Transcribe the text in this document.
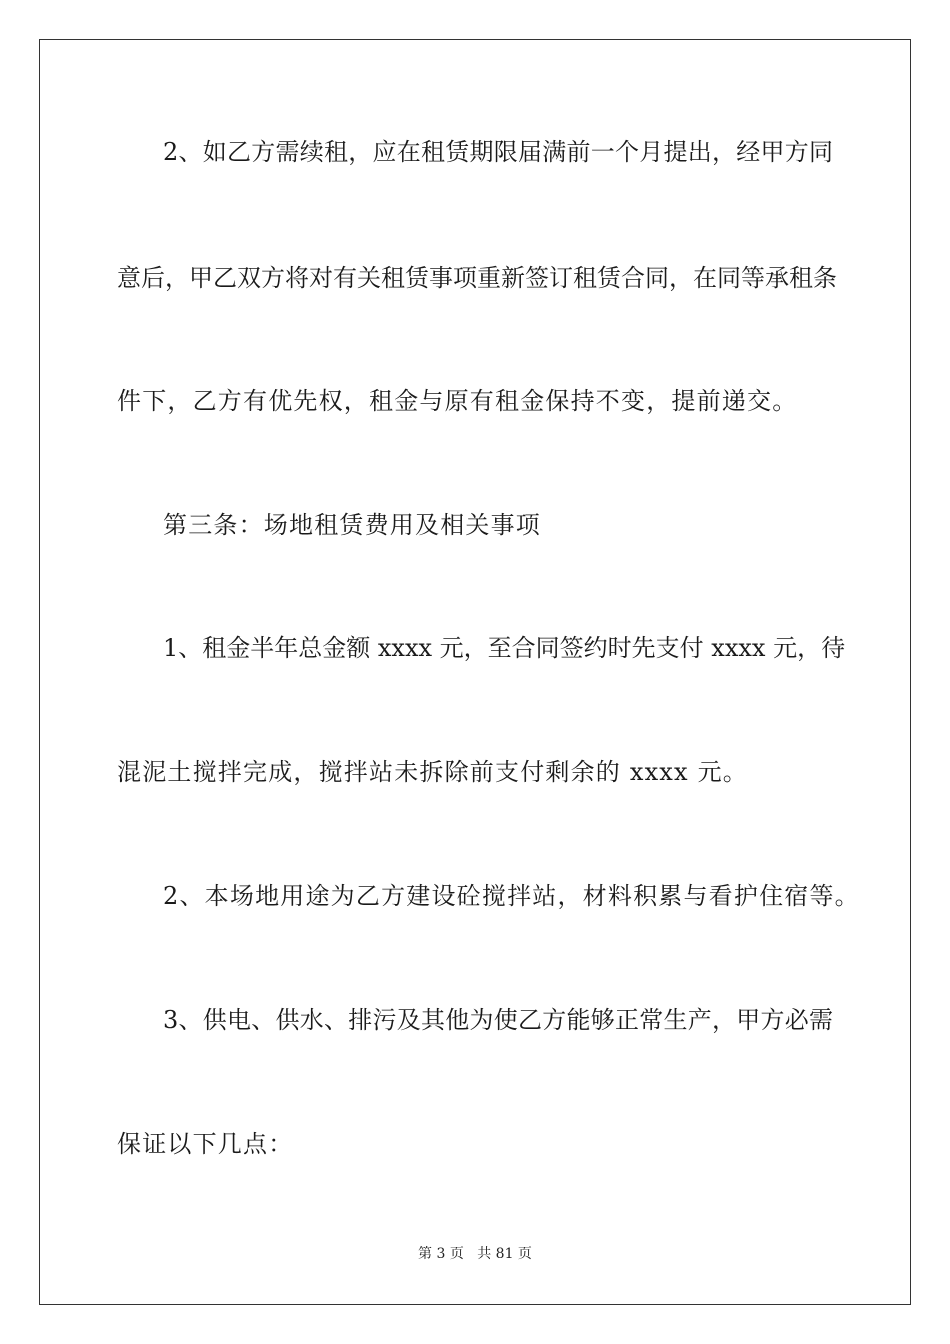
2、如乙方需续租，应在租赁期限届满前一个月提出，经甲方同
意后，甲乙双方将对有关租赁事项重新签订租赁合同，在同等承租条
件下，乙方有优先权，租金与原有租金保持不变，提前递交。
第三条：场地租赁费用及相关事项
1、租金半年总金额 xxxx 元，至合同签约时先支付 xxxx 元，待
混泥土搅拌完成，搅拌站未拆除前支付剩余的 xxxx 元。
2、本场地用途为乙方建设砼搅拌站，材料积累与看护住宿等。
3、供电、供水、排污及其他为使乙方能够正常生产，甲方必需
保证以下几点：
第 3 页 共 81 页
